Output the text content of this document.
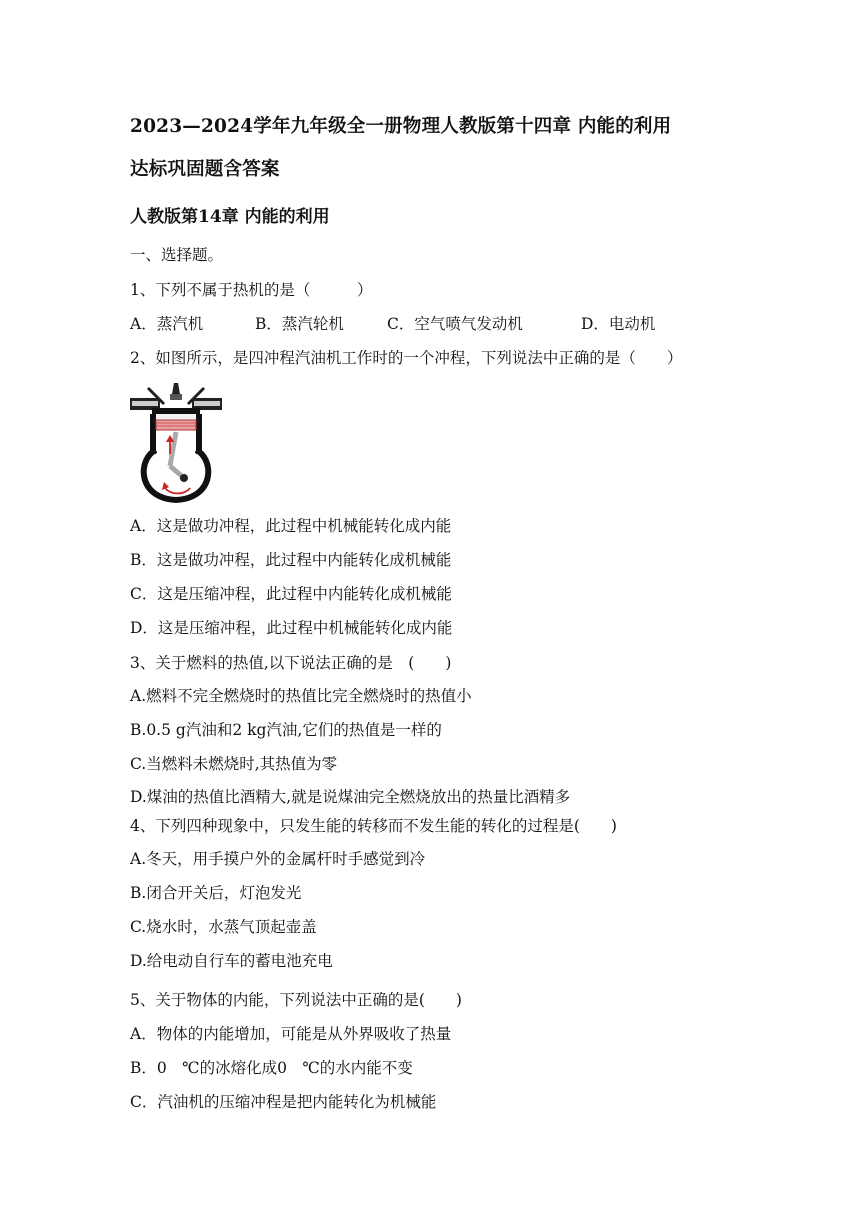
2023—2024学年九年级全一册物理人教版第十四章 内能的利用
达标巩固题含答案
人教版第14章 内能的利用
一、选择题。
1、下列不属于热机的是（　　　）
A．蒸汽机	B．蒸汽轮机	C．空气喷气发动机	D．电动机
2、如图所示，是四冲程汽油机工作时的一个冲程，下列说法中正确的是（　　）
A．这是做功冲程，此过程中机械能转化成内能
B．这是做功冲程，此过程中内能转化成机械能
C．这是压缩冲程，此过程中内能转化成机械能
D．这是压缩冲程，此过程中机械能转化成内能
3、关于燃料的热值,以下说法正确的是　(　　)
A.燃料不完全燃烧时的热值比完全燃烧时的热值小
B.0.5 g汽油和2 kg汽油,它们的热值是一样的
C.当燃料未燃烧时,其热值为零
D.煤油的热值比酒精大,就是说煤油完全燃烧放出的热量比酒精多
4、下列四种现象中，只发生能的转移而不发生能的转化的过程是(　　)
A.冬天，用手摸户外的金属杆时手感觉到冷
B.闭合开关后，灯泡发光
C.烧水时，水蒸气顶起壶盖
D.给电动自行车的蓄电池充电
5、关于物体的内能，下列说法中正确的是(　　)
A．物体的内能增加，可能是从外界吸收了热量
B．0　℃的冰熔化成0　℃的水内能不变
C．汽油机的压缩冲程是把内能转化为机械能
